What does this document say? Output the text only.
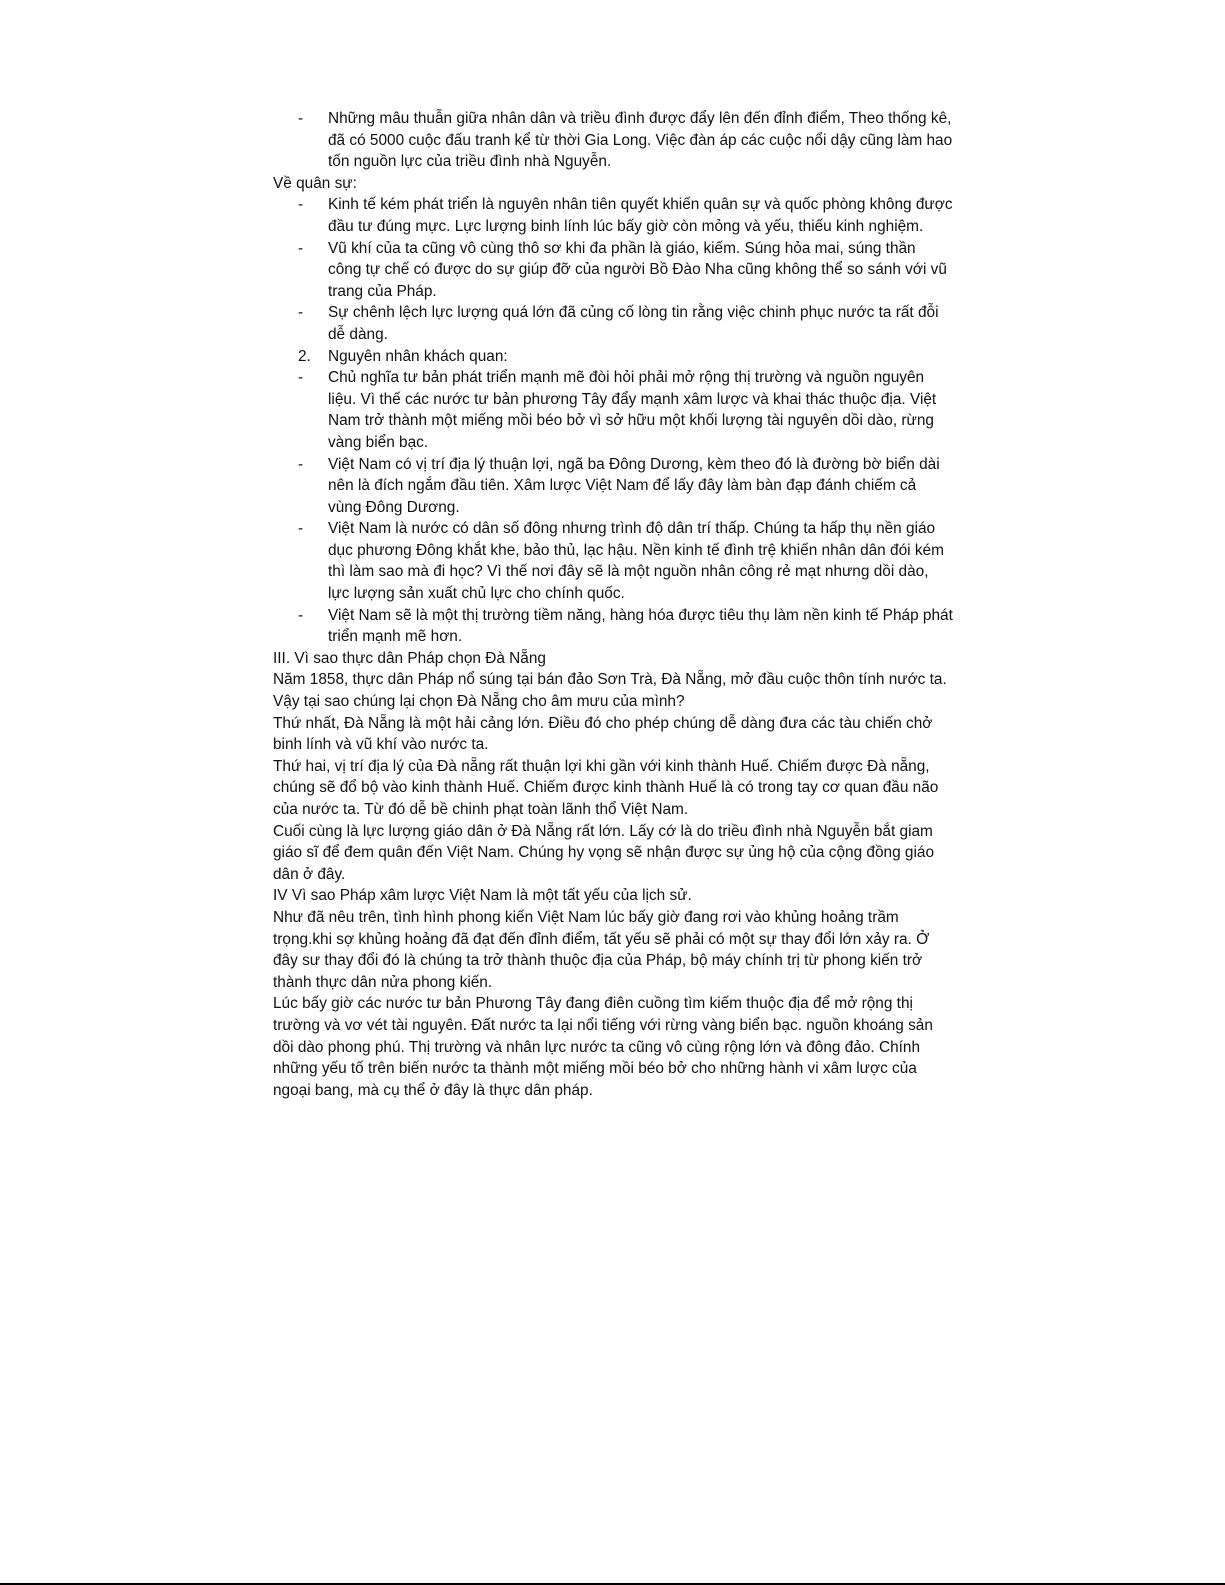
- Những mâu thuẫn giữa nhân dân và triều đình được đẩy lên đến đỉnh điểm, Theo thống kê, đã có 5000 cuộc đấu tranh kể từ thời Gia Long. Việc đàn áp các cuộc nổi dậy cũng làm hao tốn nguồn lực của triều đình nhà Nguyễn.

Về quân sự:

- Kinh tế kém phát triển là nguyên nhân tiên quyết khiến quân sự và quốc phòng không được đầu tư đúng mực. Lực lượng binh lính lúc bấy giờ còn mỏng và yếu, thiếu kinh nghiệm.
- Vũ khí của ta cũng vô cùng thô sơ khi đa phần là giáo, kiếm. Súng hỏa mai, súng thần công tự chế có được do sự giúp đỡ của người Bồ Đào Nha cũng không thể so sánh với vũ trang của Pháp.
- Sự chênh lệch lực lượng quá lớn đã củng cố lòng tin rằng việc chinh phục nước ta rất đỗi dễ dàng.
2. Nguyên nhân khách quan:
- Chủ nghĩa tư bản phát triển mạnh mẽ đòi hỏi phải mở rộng thị trường và nguồn nguyên liệu. Vì thế các nước tư bản phương Tây đẩy mạnh xâm lược và khai thác thuộc địa. Việt Nam trở thành một miếng mồi béo bở vì sở hữu một khối lượng tài nguyên dồi dào, rừng vàng biển bạc.
- Việt Nam có vị trí địa lý thuận lợi, ngã ba Đông Dương, kèm theo đó là đường bờ biển dài nên là đích ngắm đầu tiên. Xâm lược Việt Nam để lấy đây làm bàn đạp đánh chiếm cả vùng Đông Dương.
- Việt Nam là nước có dân số đông nhưng trình độ dân trí thấp. Chúng ta hấp thụ nền giáo dục phương Đông khắt khe, bảo thủ, lạc hậu. Nền kinh tế đình trệ khiến nhân dân đói kém thì làm sao mà đi học? Vì thế nơi đây sẽ là một nguồn nhân công rẻ mạt nhưng dồi dào, lực lượng sản xuất chủ lực cho chính quốc.
- Việt Nam sẽ là một thị trường tiềm năng, hàng hóa được tiêu thụ làm nền kinh tế Pháp phát triển mạnh mẽ hơn.

III. Vì sao thực dân Pháp chọn Đà Nẵng

Năm 1858, thực dân Pháp nổ súng tại bán đảo Sơn Trà, Đà Nẵng, mở đầu cuộc thôn tính nước ta. Vậy tại sao chúng lại chọn Đà Nẵng cho âm mưu của mình?

Thứ nhất, Đà Nẵng là một hải cảng lớn. Điều đó cho phép chúng dễ dàng đưa các tàu chiến chở binh lính và vũ khí vào nước ta.

Thứ hai, vị trí địa lý của Đà nẵng rất thuận lợi khi gần với kinh thành Huế. Chiếm được Đà nẵng, chúng sẽ đổ bộ vào kinh thành Huế. Chiếm được kinh thành Huế là có trong tay cơ quan đầu não của nước ta. Từ đó dễ bề chinh phạt toàn lãnh thổ Việt Nam.

Cuối cùng là lực lượng giáo dân ở Đà Nẵng rất lớn. Lấy cớ là do triều đình nhà Nguyễn bắt giam giáo sĩ để đem quân đến Việt Nam. Chúng hy vọng sẽ nhận được sự ủng hộ của cộng đồng giáo dân ở đây.

IV Vì sao Pháp xâm lược Việt Nam là một tất yếu của lịch sử.

Như đã nêu trên, tình hình phong kiến Việt Nam lúc bấy giờ đang rơi vào khủng hoảng trầm trọng.khi sợ khủng hoảng đã đạt đến đỉnh điểm, tất yếu sẽ phải có một sự thay đổi lớn xảy ra. Ở đây sư thay đổi đó là chúng ta trở thành thuộc địa của Pháp, bộ máy chính trị từ phong kiến trở thành thực dân nửa phong kiến.

Lúc bấy giờ các nước tư bản Phương Tây đang điên cuồng tìm kiếm thuộc địa để mở rộng thị trường và vơ vét tài nguyên. Đất nước ta lại nổi tiếng với rừng vàng biển bạc. nguồn khoáng sản dồi dào phong phú. Thị trường và nhân lực nước ta cũng vô cùng rộng lớn và đông đảo. Chính những yếu tố trên biến nước ta thành một miếng mồi béo bở cho những hành vi xâm lược của ngoại bang, mà cụ thể ở đây là thực dân pháp.
